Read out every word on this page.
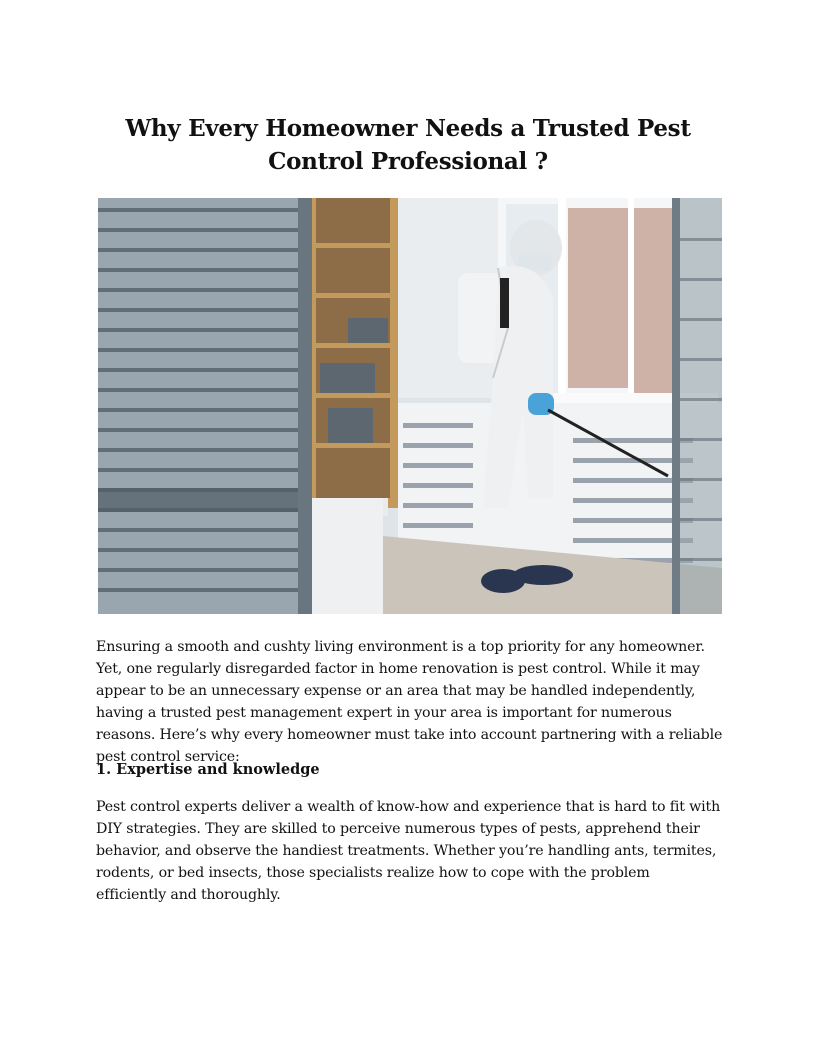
Why Every Homeowner Needs a Trusted Pest Control Professional ?

Ensuring a smooth and cushty living environment is a top priority for any homeowner. Yet, one regularly disregarded factor in home renovation is pest control. While it may appear to be an unnecessary expense or an area that may be handled independently, having a trusted pest management expert in your area is important for numerous reasons. Here’s why every homeowner must take into account partnering with a reliable pest control service:

1. Expertise and knowledge

Pest control experts deliver a wealth of know-how and experience that is hard to fit with DIY strategies. They are skilled to perceive numerous types of pests, apprehend their behavior, and observe the handiest treatments. Whether you’re handling ants, termites, rodents, or bed insects, those specialists realize how to cope with the problem efficiently and thoroughly.
